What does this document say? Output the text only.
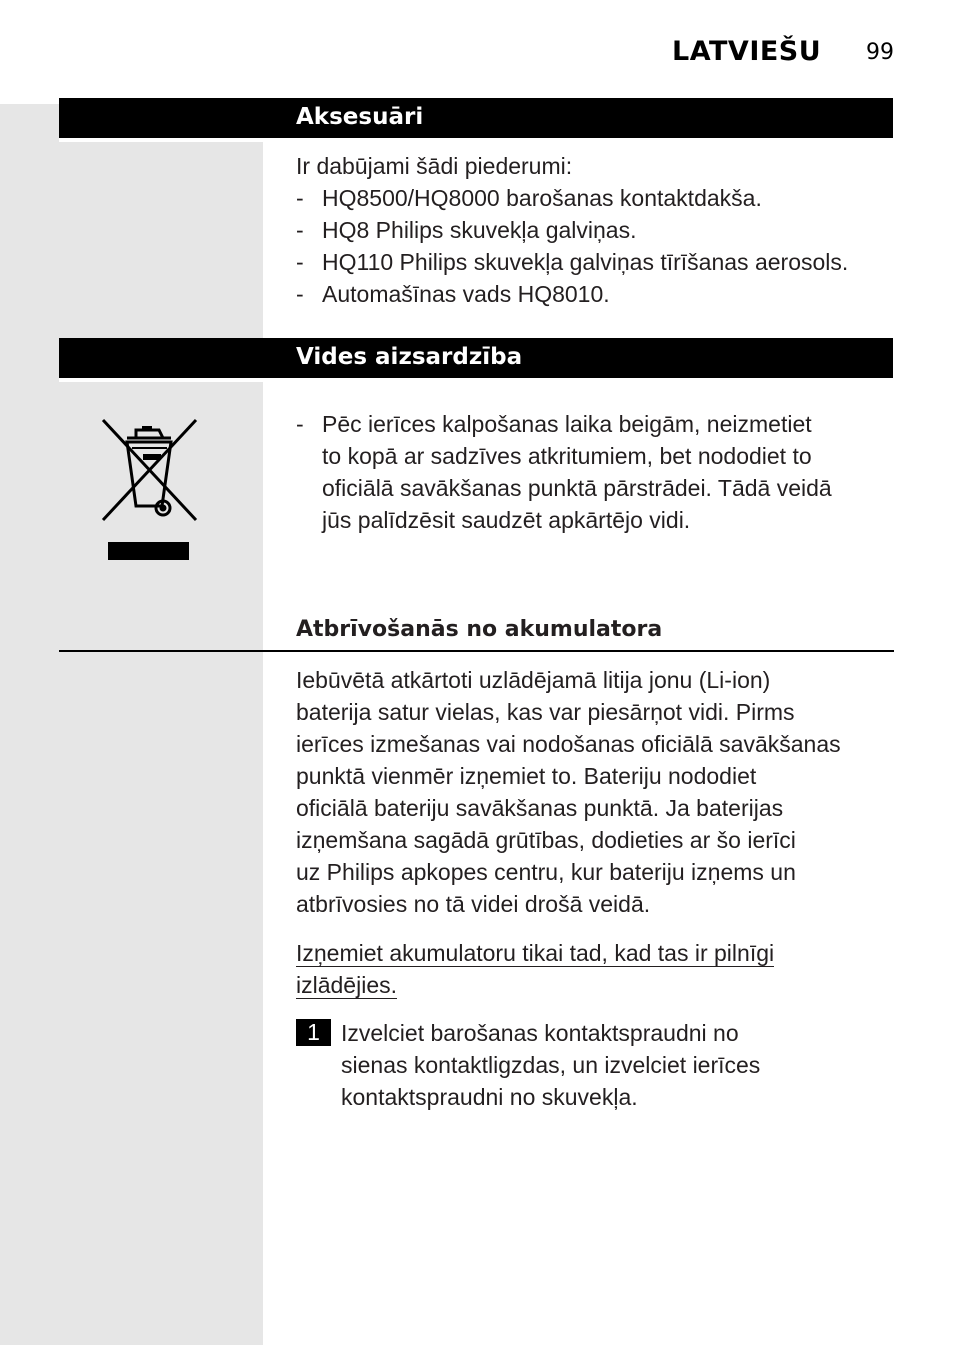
LATVIEŠU 99
Aksesuāri
Ir dabūjami šādi piederumi:
- HQ8500/HQ8000 barošanas kontaktdakša.
- HQ8 Philips skuvekļa galviņas.
- HQ110 Philips skuvekļa galviņas tīrīšanas aerosols.
- Automašīnas vads HQ8010.
Vides aizsardzība
- Pēc ierīces kalpošanas laika beigām, neizmetiet
to kopā ar sadzīves atkritumiem, bet nododiet to
oficiālā savākšanas punktā pārstrādei. Tādā veidā
jūs palīdzēsit saudzēt apkārtējo vidi.
Atbrīvošanās no akumulatora
Iebūvētā atkārtoti uzlādējamā litija jonu (Li-ion)
baterija satur vielas, kas var piesārņot vidi. Pirms
ierīces izmešanas vai nodošanas oficiālā savākšanas
punktā vienmēr izņemiet to. Bateriju nododiet
oficiālā bateriju savākšanas punktā. Ja baterijas
izņemšana sagādā grūtības, dodieties ar šo ierīci
uz Philips apkopes centru, kur bateriju izņems un
atbrīvosies no tā videi drošā veidā.
Izņemiet akumulatoru tikai tad, kad tas ir pilnīgi
izlādējies.
1 Izvelciet barošanas kontaktspraudni no
sienas kontaktligzdas, un izvelciet ierīces
kontaktspraudni no skuvekļa.
